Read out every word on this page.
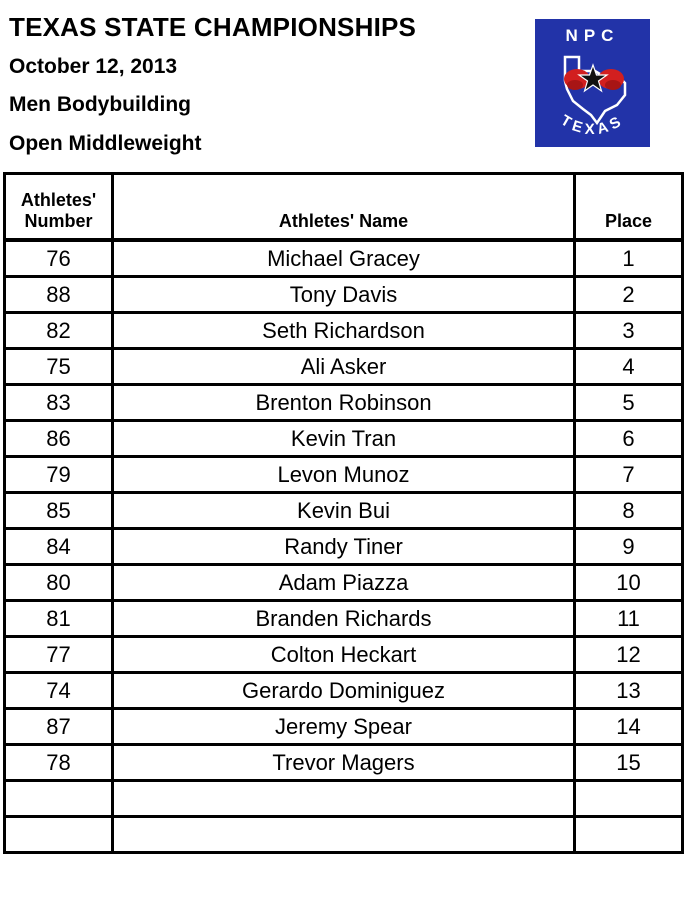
TEXAS STATE CHAMPIONSHIPS
October 12, 2013
Men Bodybuilding
Open Middleweight
NPC
TEXAS
Athletes'
Number	Athletes' Name	Place
76	Michael Gracey	1
88	Tony Davis	2
82	Seth Richardson	3
75	Ali Asker	4
83	Brenton Robinson	5
86	Kevin Tran	6
79	Levon Munoz	7
85	Kevin Bui	8
84	Randy Tiner	9
80	Adam Piazza	10
81	Branden Richards	11
77	Colton Heckart	12
74	Gerardo Dominiguez	13
87	Jeremy Spear	14
78	Trevor Magers	15
